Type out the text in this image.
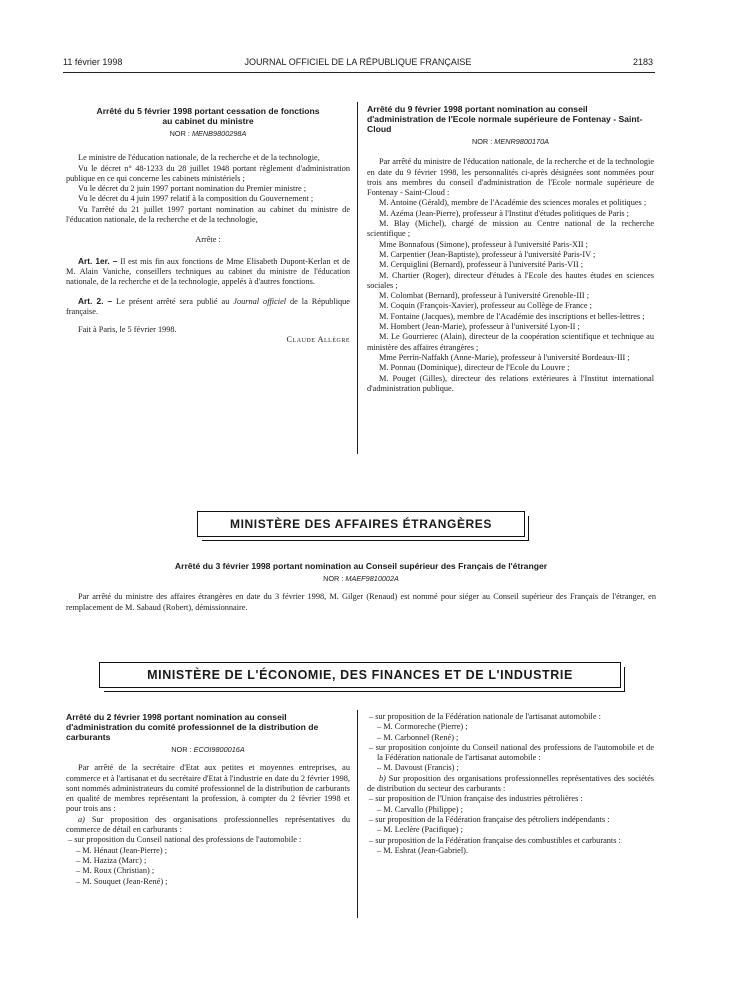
11 février 1998	JOURNAL OFFICIEL DE LA RÉPUBLIQUE FRANÇAISE	2183
Arrêté du 5 février 1998 portant cessation de fonctions au cabinet du ministre
NOR : MENB9800298A

Le ministre de l'éducation nationale, de la recherche et de la technologie,

Vu le décret n° 48-1233 du 28 juillet 1948 portant règlement d'administration publique en ce qui concerne les cabinets ministériels ;

Vu le décret du 2 juin 1997 portant nomination du Premier ministre ;

Vu le décret du 4 juin 1997 relatif à la composition du Gouvernement ;

Vu l'arrêté du 21 juillet 1997 portant nomination au cabinet du ministre de l'éducation nationale, de la recherche et de la technologie,

Arrête :

Art. 1er. – Il est mis fin aux fonctions de Mme Elisabeth Dupont-Kerlan et de M. Alain Vaniche, conseillers techniques au cabinet du ministre de l'éducation nationale, de la recherche et de la technologie, appelés à d'autres fonctions.

Art. 2. – Le présent arrêté sera publié au Journal officiel de la République française.

Fait à Paris, le 5 février 1998.

Claude Allègre

Arrêté du 9 février 1998 portant nomination au conseil d'administration de l'Ecole normale supérieure de Fontenay - Saint-Cloud
NOR : MENR9800170A

Par arrêté du ministre de l'éducation nationale, de la recherche et de la technologie en date du 9 février 1998, les personnalités ci-après désignées sont nommées pour trois ans membres du conseil d'administration de l'Ecole normale supérieure de Fontenay - Saint-Cloud :

M. Antoine (Gérald), membre de l'Académie des sciences morales et politiques ;

M. Azéma (Jean-Pierre), professeur à l'Institut d'études politiques de Paris ;

M. Blay (Michel), chargé de mission au Centre national de la recherche scientifique ;

Mme Bonnafous (Simone), professeur à l'université Paris-XII ;

M. Carpentier (Jean-Baptiste), professeur à l'université Paris-IV ;

M. Cerquiglini (Bernard), professeur à l'université Paris-VII ;

M. Chartier (Roger), directeur d'études à l'Ecole des hautes études en sciences sociales ;

M. Colombat (Bernard), professeur à l'université Grenoble-III ;

M. Coquin (François-Xavier), professeur au Collège de France ;

M. Fontaine (Jacques), membre de l'Académie des inscriptions et belles-lettres ;

M. Hombert (Jean-Marie), professeur à l'université Lyon-II ;

M. Le Gourrierec (Alain), directeur de la coopération scientifique et technique au ministère des affaires étrangères ;

Mme Perrin-Naffakh (Anne-Marie), professeur à l'université Bordeaux-III ;

M. Ponnau (Dominique), directeur de l'Ecole du Louvre ;

M. Pouget (Gilles), directeur des relations extérieures à l'Institut international d'administration publique.

MINISTÈRE DES AFFAIRES ÉTRANGÈRES
Arrêté du 3 février 1998 portant nomination au Conseil supérieur des Français de l'étranger
NOR : MAEF9810002A

Par arrêté du ministre des affaires étrangères en date du 3 février 1998, M. Gilger (Renaud) est nommé pour siéger au Conseil supérieur des Français de l'étranger, en remplacement de M. Sabaud (Robert), démissionnaire.

MINISTÈRE DE L'ÉCONOMIE, DES FINANCES ET DE L'INDUSTRIE
Arrêté du 2 février 1998 portant nomination au conseil d'administration du comité professionnel de la distribution de carburants
NOR : ECOI9800016A

Par arrêté de la secrétaire d'Etat aux petites et moyennes entreprises, au commerce et à l'artisanat et du secrétaire d'Etat à l'industrie en date du 2 février 1998, sont nommés administrateurs du comité professionnel de la distribution de carburants en qualité de membres représentant la profession, à compter du 2 février 1998 et pour trois ans :

a) Sur proposition des organisations professionnelles représentatives du commerce de détail en carburants :

– sur proposition du Conseil national des professions de l'automobile :

– M. Hénaut (Jean-Pierre) ;

– M. Haziza (Marc) ;

– M. Roux (Christian) ;

– M. Souquet (Jean-René) ;

– sur proposition de la Fédération nationale de l'artisanat automobile :

– M. Cormoreche (Pierre) ;

– M. Carbonnel (René) ;

– sur proposition conjointe du Conseil national des professions de l'automobile et de la Fédération nationale de l'artisanat automobile :

– M. Davoust (Francis) ;

b) Sur proposition des organisations professionnelles représentatives des sociétés de distribution du secteur des carburants :

– sur proposition de l'Union française des industries pétrolières :

– M. Carvallo (Philippe) ;

– sur proposition de la Fédération française des pétroliers indépendants :

– M. Leclère (Pacifique) ;

– sur proposition de la Fédération française des combustibles et carburants :

– M. Eshrat (Jean-Gabriel).
